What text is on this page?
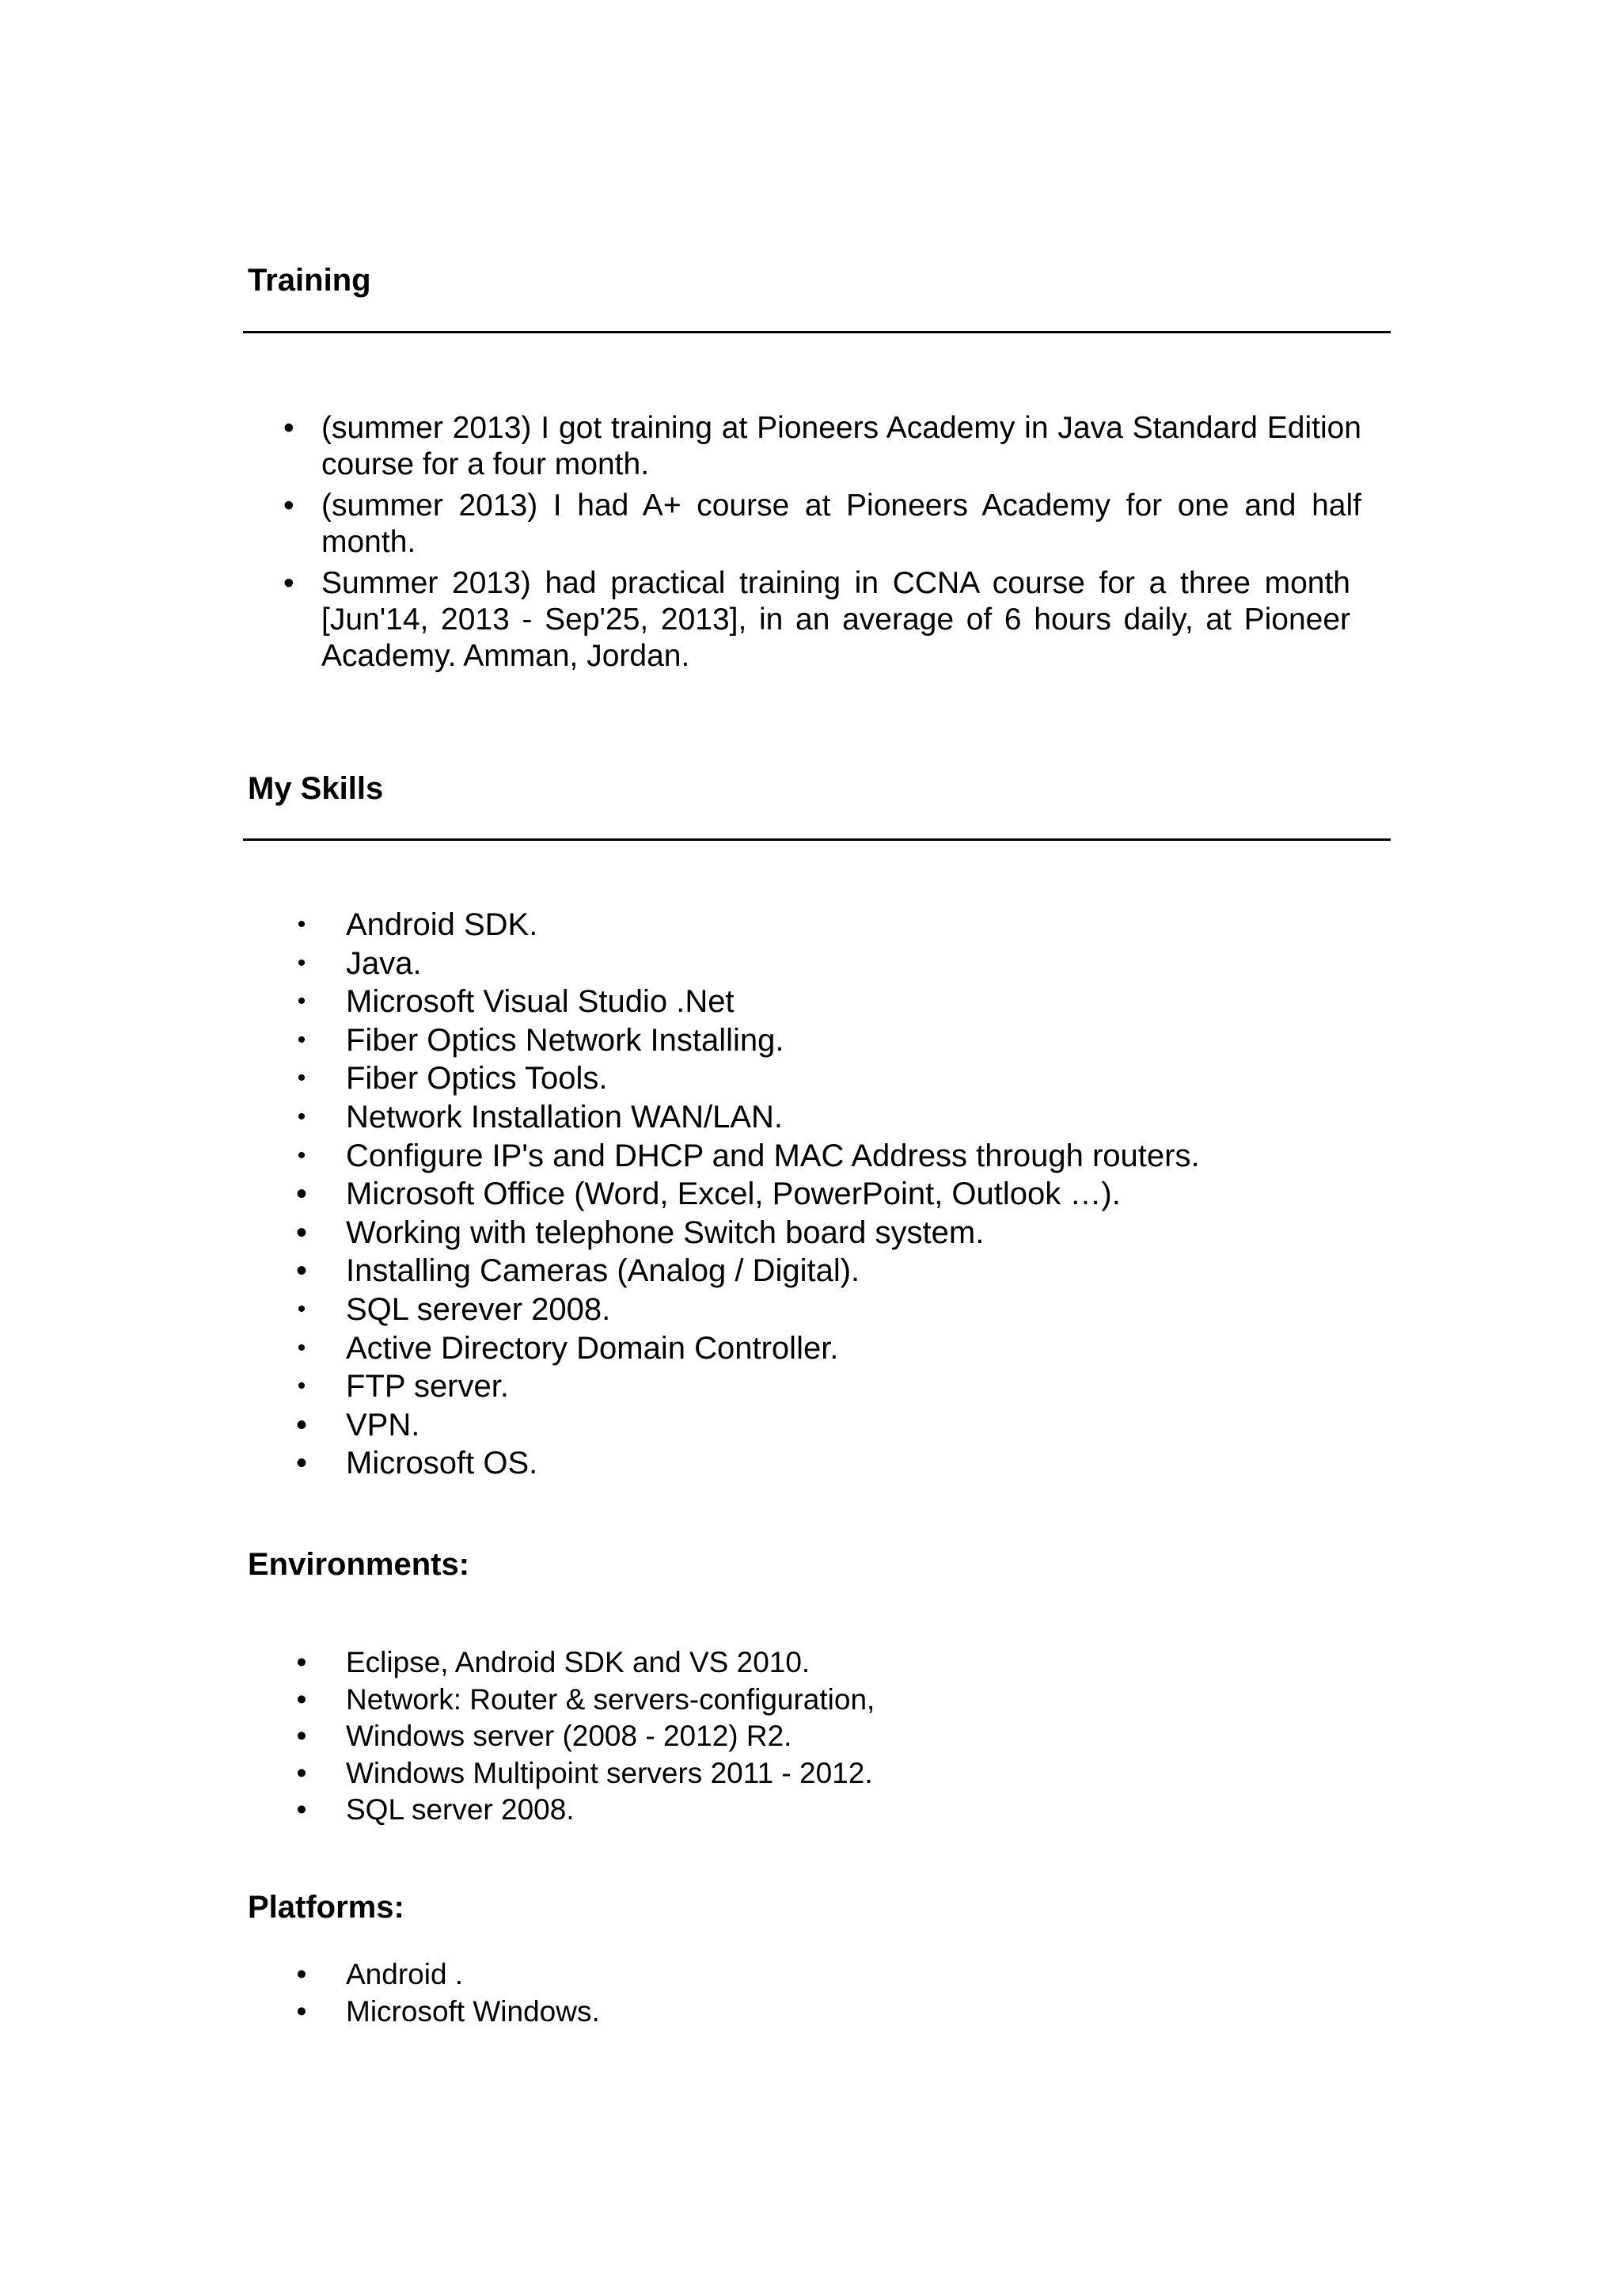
Training
• (summer 2013) I got training at Pioneers Academy in Java Standard Edition course for a four month.
• (summer 2013) I had A+ course at Pioneers Academy for one and half month.
• Summer 2013) had practical training in CCNA course for a three month [Jun'14, 2013 - Sep'25, 2013], in an average of 6 hours daily, at Pioneer Academy. Amman, Jordan.
My Skills
• Android SDK.
• Java.
• Microsoft Visual Studio .Net
• Fiber Optics Network Installing.
• Fiber Optics Tools.
• Network Installation WAN/LAN.
• Configure IP's and DHCP and MAC Address through routers.
• Microsoft Office (Word, Excel, PowerPoint, Outlook …).
• Working with telephone Switch board system.
• Installing Cameras (Analog / Digital).
• SQL serever 2008.
• Active Directory Domain Controller.
• FTP server.
• VPN.
• Microsoft OS.
Environments:
• Eclipse, Android SDK and VS 2010.
• Network: Router & servers-configuration,
• Windows server (2008 - 2012) R2.
• Windows Multipoint servers 2011 - 2012.
• SQL server 2008.
Platforms:
• Android .
• Microsoft Windows.
